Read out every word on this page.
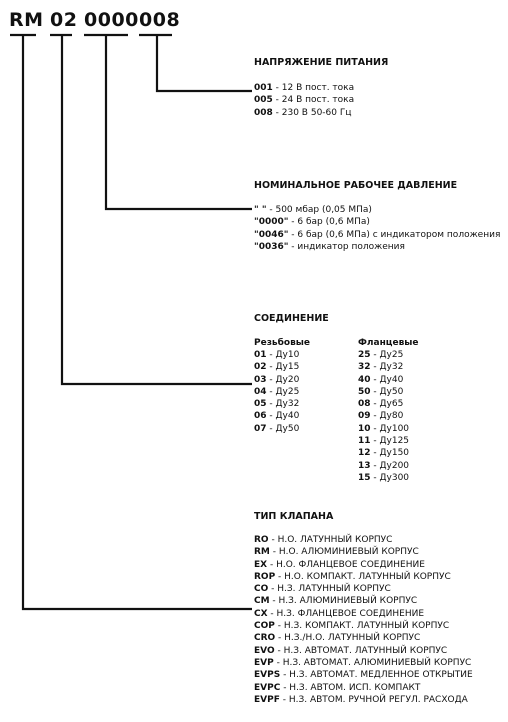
RM 02 0000 008
НАПРЯЖЕНИЕ ПИТАНИЯ
001 - 12 В пост. тока
005 - 24 В пост. тока
008 - 230 В 50-60 Гц
НОМИНАЛЬНОЕ РАБОЧЕЕ ДАВЛЕНИЕ
" " - 500 мбар (0,05 МПа)
"0000" - 6 бар (0,6 МПа)
"0046" - 6 бар (0,6 МПа) с индикатором положения
"0036" - индикатор положения
СОЕДИНЕНИЕ
Резьбовые	Фланцевые
01 - Ду10
02 - Ду15
03 - Ду20
04 - Ду25
05 - Ду32
06 - Ду40
07 - Ду50
25 - Ду25
32 - Ду32
40 - Ду40
50 - Ду50
08 - Ду65
09 - Ду80
10 - Ду100
11 - Ду125
12 - Ду150
13 - Ду200
15 - Ду300
ТИП КЛАПАНА
RO - Н.О. ЛАТУННЫЙ КОРПУС
RM - Н.О. АЛЮМИНИЕВЫЙ КОРПУС
EX - Н.О. ФЛАНЦЕВОЕ СОЕДИНЕНИЕ
ROP - Н.О. КОМПАКТ. ЛАТУННЫЙ КОРПУС
CO - Н.З. ЛАТУННЫЙ КОРПУС
CM - Н.З. АЛЮМИНИЕВЫЙ КОРПУС
CX - Н.З. ФЛАНЦЕВОЕ СОЕДИНЕНИЕ
COP - Н.З. КОМПАКТ. ЛАТУННЫЙ КОРПУС
CRO - Н.З./Н.О. ЛАТУННЫЙ КОРПУС
EVO - Н.З. АВТОМАТ. ЛАТУННЫЙ КОРПУС
EVP - Н.З. АВТОМАТ. АЛЮМИНИЕВЫЙ КОРПУС
EVPS - Н.З. АВТОМАТ. МЕДЛЕННОЕ ОТКРЫТИЕ
EVPC - Н.З. АВТОМ. ИСП. КОМПАКТ
EVPF - Н.З. АВТОМ. РУЧНОЙ РЕГУЛ. РАСХОДА
